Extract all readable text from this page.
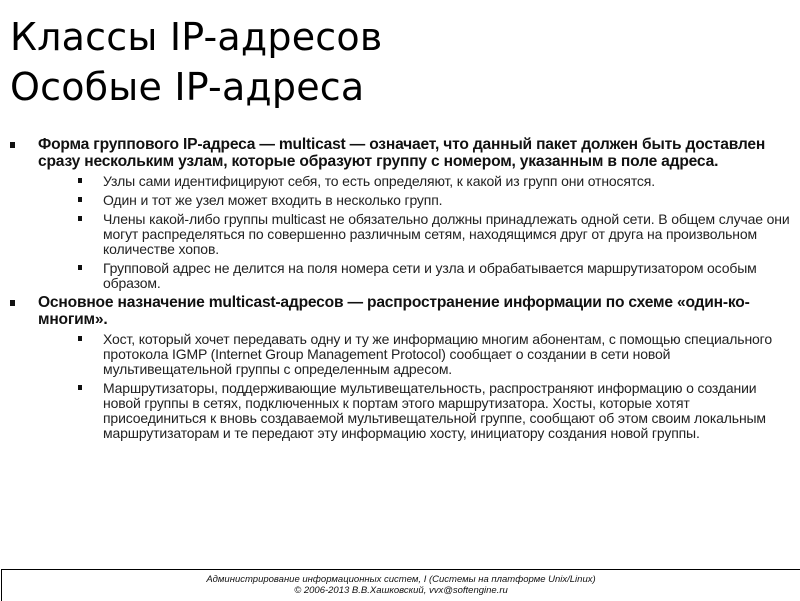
Классы IP-адресов
Особые IP-адреса
Форма группового IP-адреса — multicast — означает, что данный пакет должен быть доставлен сразу нескольким узлам, которые образуют группу с номером, указанным в поле адреса.
Узлы сами идентифицируют себя, то есть определяют, к какой из групп они относятся.
Один и тот же узел может входить в несколько групп.
Члены какой-либо группы multicast не обязательно должны принадлежать одной сети. В общем случае они могут распределяться по совершенно различным сетям, находящимся друг от друга на произвольном количестве хопов.
Групповой адрес не делится на поля номера сети и узла и обрабатывается маршрутизатором особым образом.
Основное назначение multicast-адресов — распространение информации по схеме «один-ко-многим».
Хост, который хочет передавать одну и ту же информацию многим абонентам, с помощью специального протокола IGMP (Internet Group Management Protocol) сообщает о создании в сети новой мультивещательной группы с определенным адресом.
Маршрутизаторы, поддерживающие мультивещательность, распространяют информацию о создании новой группы в сетях, подключенных к портам этого маршрутизатора. Хосты, которые хотят присоединиться к вновь создаваемой мультивещательной группе, сообщают об этом своим локальным маршрутизаторам и те передают эту информацию хосту, инициатору создания новой группы.
Администрирование информационных систем, I (Системы на платформе Unix/Linux)
© 2006-2013 В.В.Хашковский, vvx@softengine.ru
